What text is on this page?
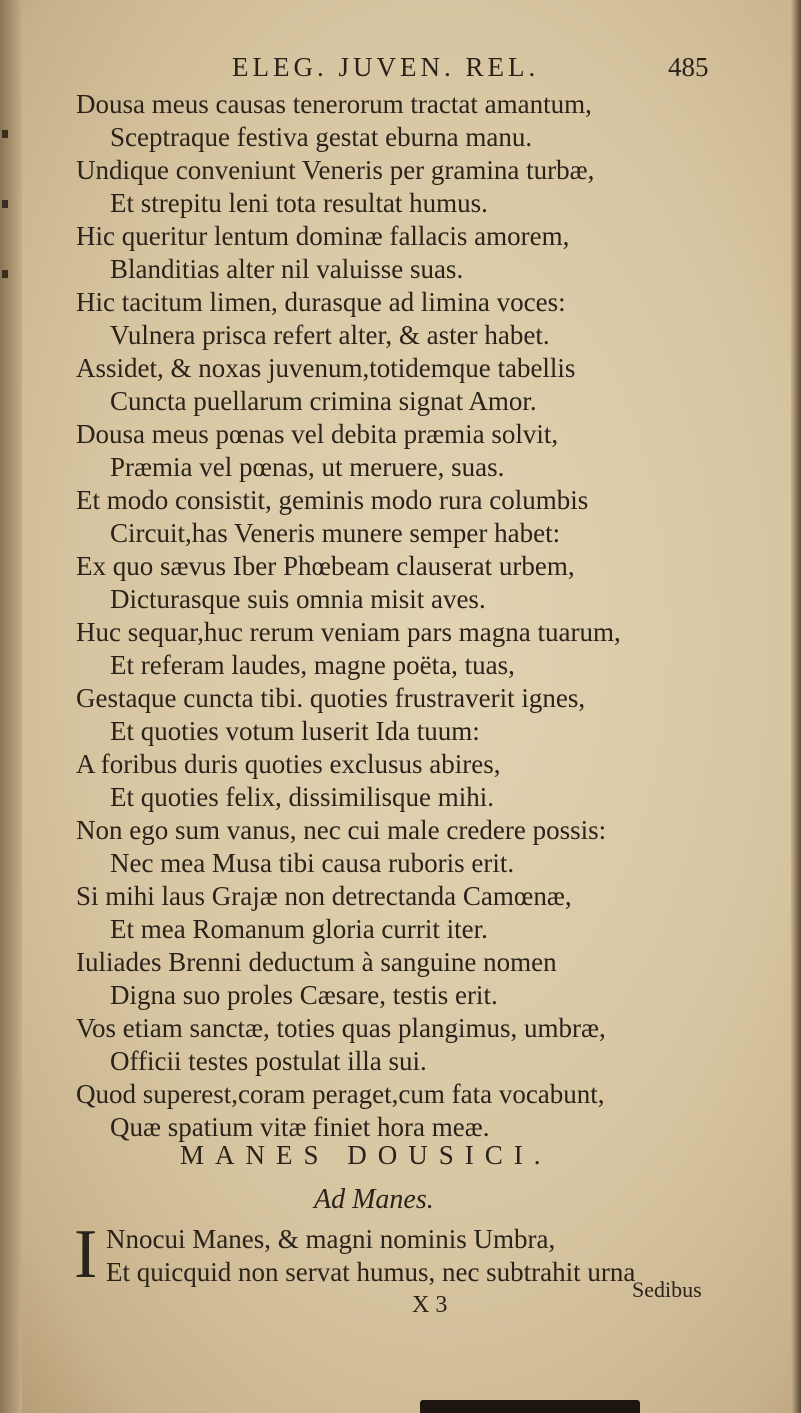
ELEG. JUVEN. REL.	485
Dousa meus causas tenerorum tractat amantum,
Sceptraque festiva gestat eburna manu.
Undique conveniunt Veneris per gramina turbæ,
Et strepitu leni tota resultat humus.
Hic queritur lentum dominæ fallacis amorem,
Blanditias alter nil valuisse suas.
Hic tacitum limen, durasque ad limina voces:
Vulnera prisca refert alter, & aster habet.
Assidet, & noxas juvenum,totidemque tabellis
Cuncta puellarum crimina signat Amor.
Dousa meus pœnas vel debita præmia solvit,
Præmia vel pœnas, ut meruere, suas.
Et modo consistit, geminis modo rura columbis
Circuit,has Veneris munere semper habet:
Ex quo sævus Iber Phœbeam clauserat urbem,
Dicturasque suis omnia misit aves.
Huc sequar,huc rerum veniam pars magna tuarum,
Et referam laudes, magne poëta, tuas,
Gestaque cuncta tibi. quoties frustraverit ignes,
Et quoties votum luserit Ida tuum:
A foribus duris quoties exclusus abires,
Et quoties felix, dissimilisque mihi.
Non ego sum vanus, nec cui male credere possis:
Nec mea Musa tibi causa ruboris erit.
Si mihi laus Grajæ non detrectanda Camœnæ,
Et mea Romanum gloria currit iter.
Iuliades Brenni deductum à sanguine nomen
Digna suo proles Cæsare, testis erit.
Vos etiam sanctæ, toties quas plangimus, umbræ,
Officii testes postulat illa sui.
Quod superest,coram peraget,cum fata vocabunt,
Quæ spatium vitæ finiet hora meæ.
MANES DOUSICI.
Ad Manes.
I Nnocui Manes, & magni nominis Umbra,
Et quicquid non servat humus, nec subtrahit urna
Sedibus
X 3
